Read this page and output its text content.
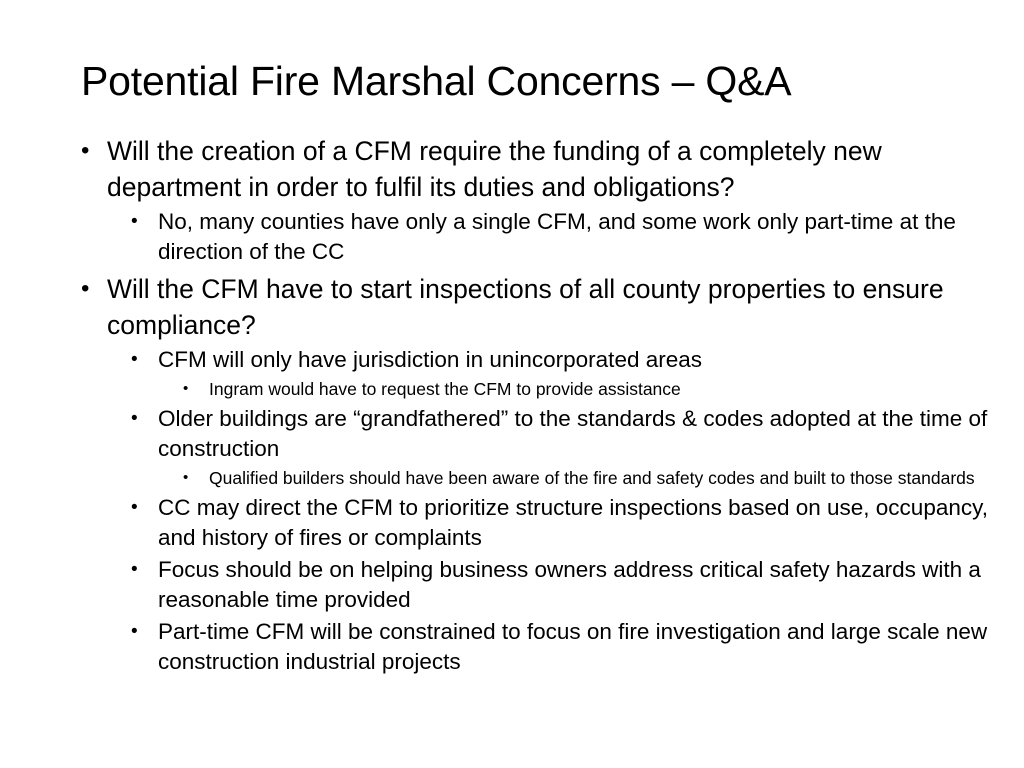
Potential Fire Marshal Concerns – Q&A
• Will the creation of a CFM require the funding of a completely new department in order to fulfil its duties and obligations?
• No, many counties have only a single CFM, and some work only part-time at the direction of the CC
• Will the CFM have to start inspections of all county properties to ensure compliance?
• CFM will only have jurisdiction in unincorporated areas
• Ingram would have to request the CFM to provide assistance
• Older buildings are “grandfathered” to the standards & codes adopted at the time of construction
• Qualified builders should have been aware of the fire and safety codes and built to those standards
• CC may direct the CFM to prioritize structure inspections based on use, occupancy, and history of fires or complaints
• Focus should be on helping business owners address critical safety hazards with a reasonable time provided
• Part-time CFM will be constrained to focus on fire investigation and large scale new construction industrial projects
